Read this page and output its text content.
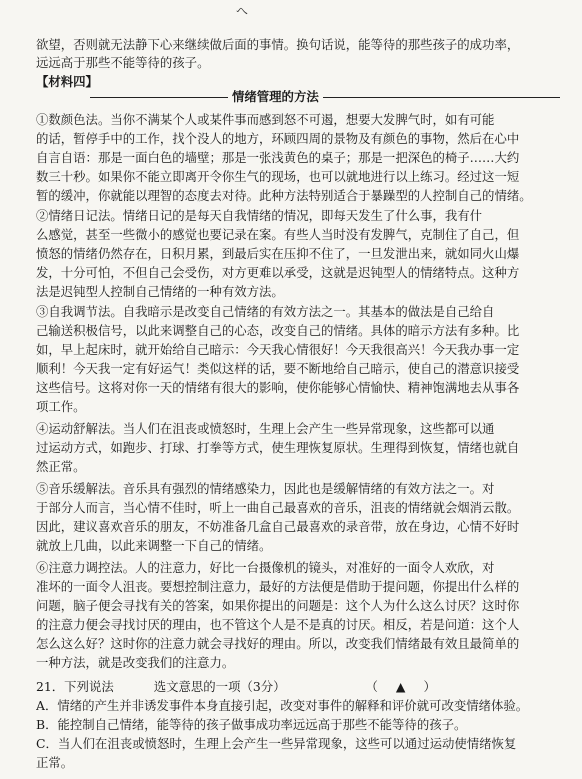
へ
欲望，否则就无法静下心来继续做后面的事情。换句话说，能等待的那些孩子的成功率，
远远高于那些不能等待的孩子。
【材料四】
情绪管理的方法
①数颜色法。当你不满某个人或某件事而感到怒不可遏，想要大发脾气时，如有可能
的话，暂停手中的工作，找个没人的地方，环顾四周的景物及有颜色的事物，然后在心中
自言自语：那是一面白色的墙壁；那是一张浅黄色的桌子；那是一把深色的椅子……大约
数三十秒。如果你不能立即离开令你生气的现场，也可以就地进行以上练习。经过这一短
暂的缓冲，你就能以理智的态度去对待。此种方法特别适合于暴躁型的人控制自己的情绪。
②情绪日记法。情绪日记的是每天自我情绪的情况，即每天发生了什么事，我有什
么感觉，甚至一些微小的感觉也要记录在案。有些人当时没有发脾气，克制住了自己，但
愤怒的情绪仍然存在，日积月累，到最后实在压抑不住了，一旦发泄出来，就如同火山爆
发，十分可怕，不但自己会受伤，对方更难以承受，这就是迟钝型人的情绪特点。这种方
法是迟钝型人控制自己情绪的一种有效方法。
③自我调节法。自我暗示是改变自己情绪的有效方法之一。其基本的做法是自己给自
己输送积极信号，以此来调整自己的心态，改变自己的情绪。具体的暗示方法有多种。比
如，早上起床时，就开始给自己暗示：今天我心情很好！今天我很高兴！今天我办事一定
顺利！今天我一定有好运气！类似这样的话，要不断地给自己暗示，使自己的潜意识接受
这些信号。这将对你一天的情绪有很大的影响，使你能够心情愉快、精神饱满地去从事各
项工作。
④运动舒解法。当人们在沮丧或愤怒时，生理上会产生一些异常现象，这些都可以通
过运动方式，如跑步、打球、打拳等方式，使生理恢复原状。生理得到恢复，情绪也就自
然正常。
⑤音乐缓解法。音乐具有强烈的情绪感染力，因此也是缓解情绪的有效方法之一。对
于部分人而言，当心情不佳时，听上一曲自己最喜欢的音乐，沮丧的情绪就会烟消云散。
因此，建议喜欢音乐的朋友，不妨准备几盒自己最喜欢的录音带，放在身边，心情不好时
就放上几曲，以此来调整一下自己的情绪。
⑥注意力调控法。人的注意力，好比一台摄像机的镜头，对准好的一面令人欢欣，对
准坏的一面令人沮丧。要想控制注意力，最好的方法便是借助于提问题，你提出什么样的
问题，脑子便会寻找有关的答案，如果你提出的问题是：这个人为什么这么讨厌？这时你
的注意力便会寻找讨厌的理由，也不管这个人是不是真的讨厌。相反，若是问道：这个人
怎么这么好？这时你的注意力就会寻找好的理由。所以，改变我们情绪最有效且最简单的
一种方法，就是改变我们的注意力。
21．下列说法	选文意思的一项（3分）	（ ▲ ）
A．情绪的产生并非诱发事件本身直接引起，改变对事件的解释和评价就可改变情绪体验。
B．能控制自己情绪，能等待的孩子做事成功率远远高于那些不能等待的孩子。
C．当人们在沮丧或愤怒时，生理上会产生一些异常现象，这些可以通过运动使情绪恢复
正常。
